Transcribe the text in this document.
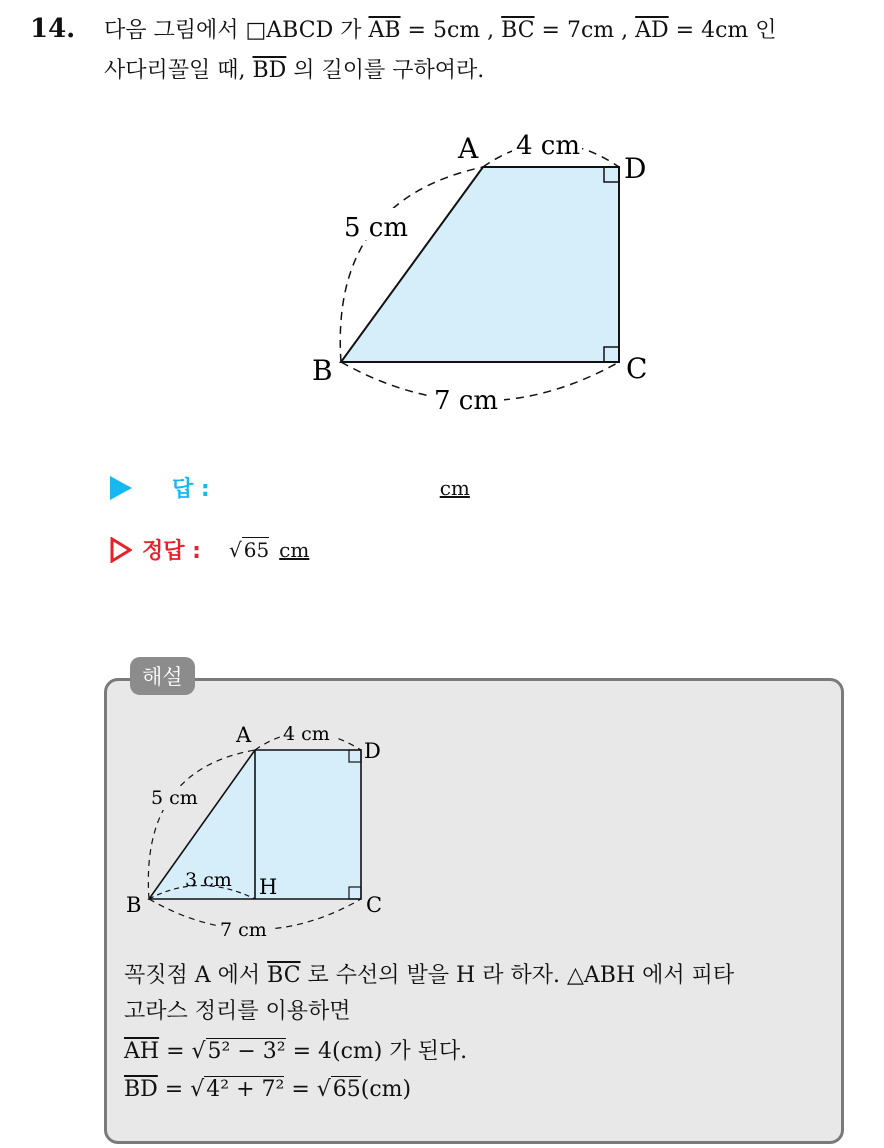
14. 다음 그림에서 □ABCD 가 $\overline{AB} = 5cm$ , $\overline{BC} = 7cm$ , $\overline{AD} = 4cm$ 인
사다리꼴일 때, $\overline{BD}$ 의 길이를 구하여라.
A
D
B	C
4 cm
5 cm
7 cm
답 :	cm
정답 : √ 65 cm
해설
A
D
B	C
H
4 cm
5 cm
3 cm
7 cm
꼭짓점 A 에서 $\overline{BC}$ 로 수선의 발을 H 라 하자. △ABH 에서 피타
고라스 정리를 이용하면
$\overline{AH} = √5^2 - 3^2 = 4(cm)$ 가 된다.
$\overline{BD} = √4^2 + 7^2 = √65(cm)$
